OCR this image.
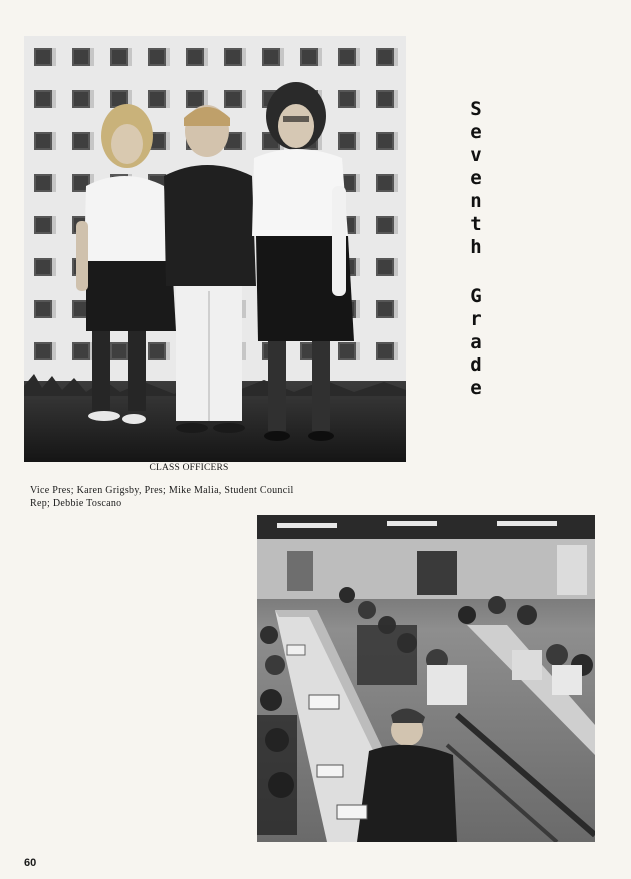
CLASS OFFICERS
Vice Pres; Karen Grigsby, Pres; Mike Malia, Student Council
Rep; Debbie Toscano
S
e
v
e
n
t
h
G
r
a
d
e
60
